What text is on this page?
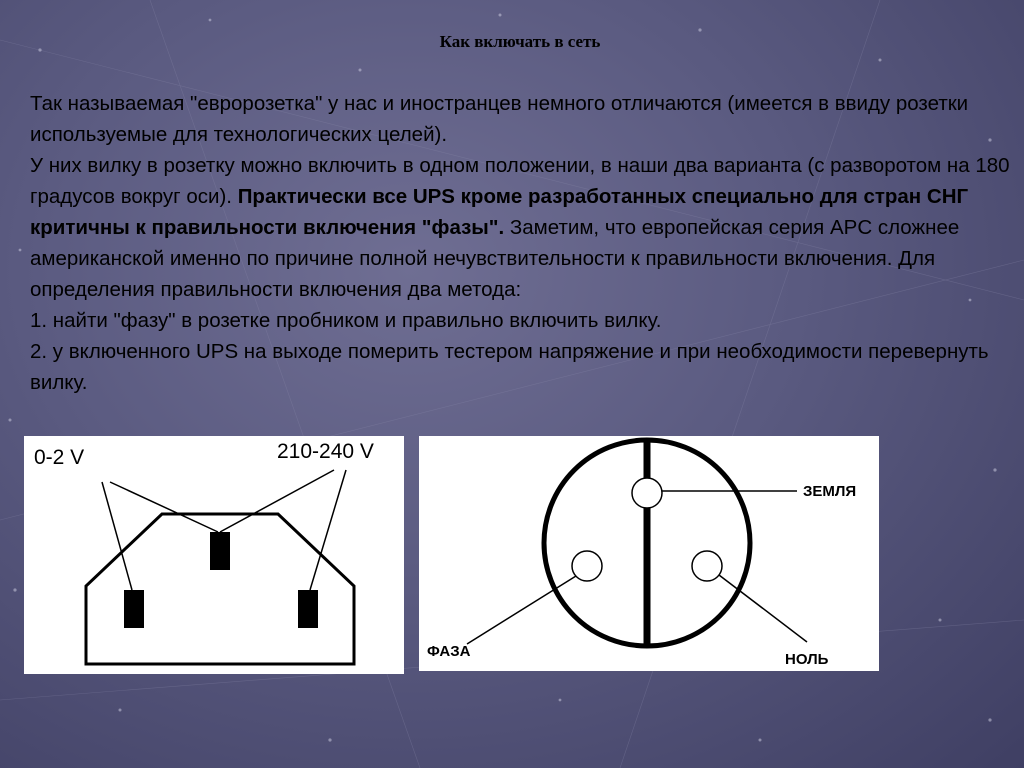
Как включать в сеть

Так называемая "евророзетка" у нас и иностранцев немного отличаются (имеется в ввиду розетки используемые для технологических целей).

У них вилку в розетку можно включить в одном положении, в наши два варианта (с разворотом на 180 градусов вокруг оси). Практически все UPS кроме разработанных специально для стран СНГ критичны к правильности включения "фазы". Заметим, что европейская серия APC сложнее американской именно по причине полной нечувствительности к правильности включения. Для определения правильности включения два метода:

1. найти "фазу" в розетке пробником и правильно включить вилку.

2. у включенного UPS на выходе померить тестером напряжение и при необходимости перевернуть вилку.

0-2 V	210-240 V
ЗЕМЛЯ
ФАЗА	НОЛЬ
